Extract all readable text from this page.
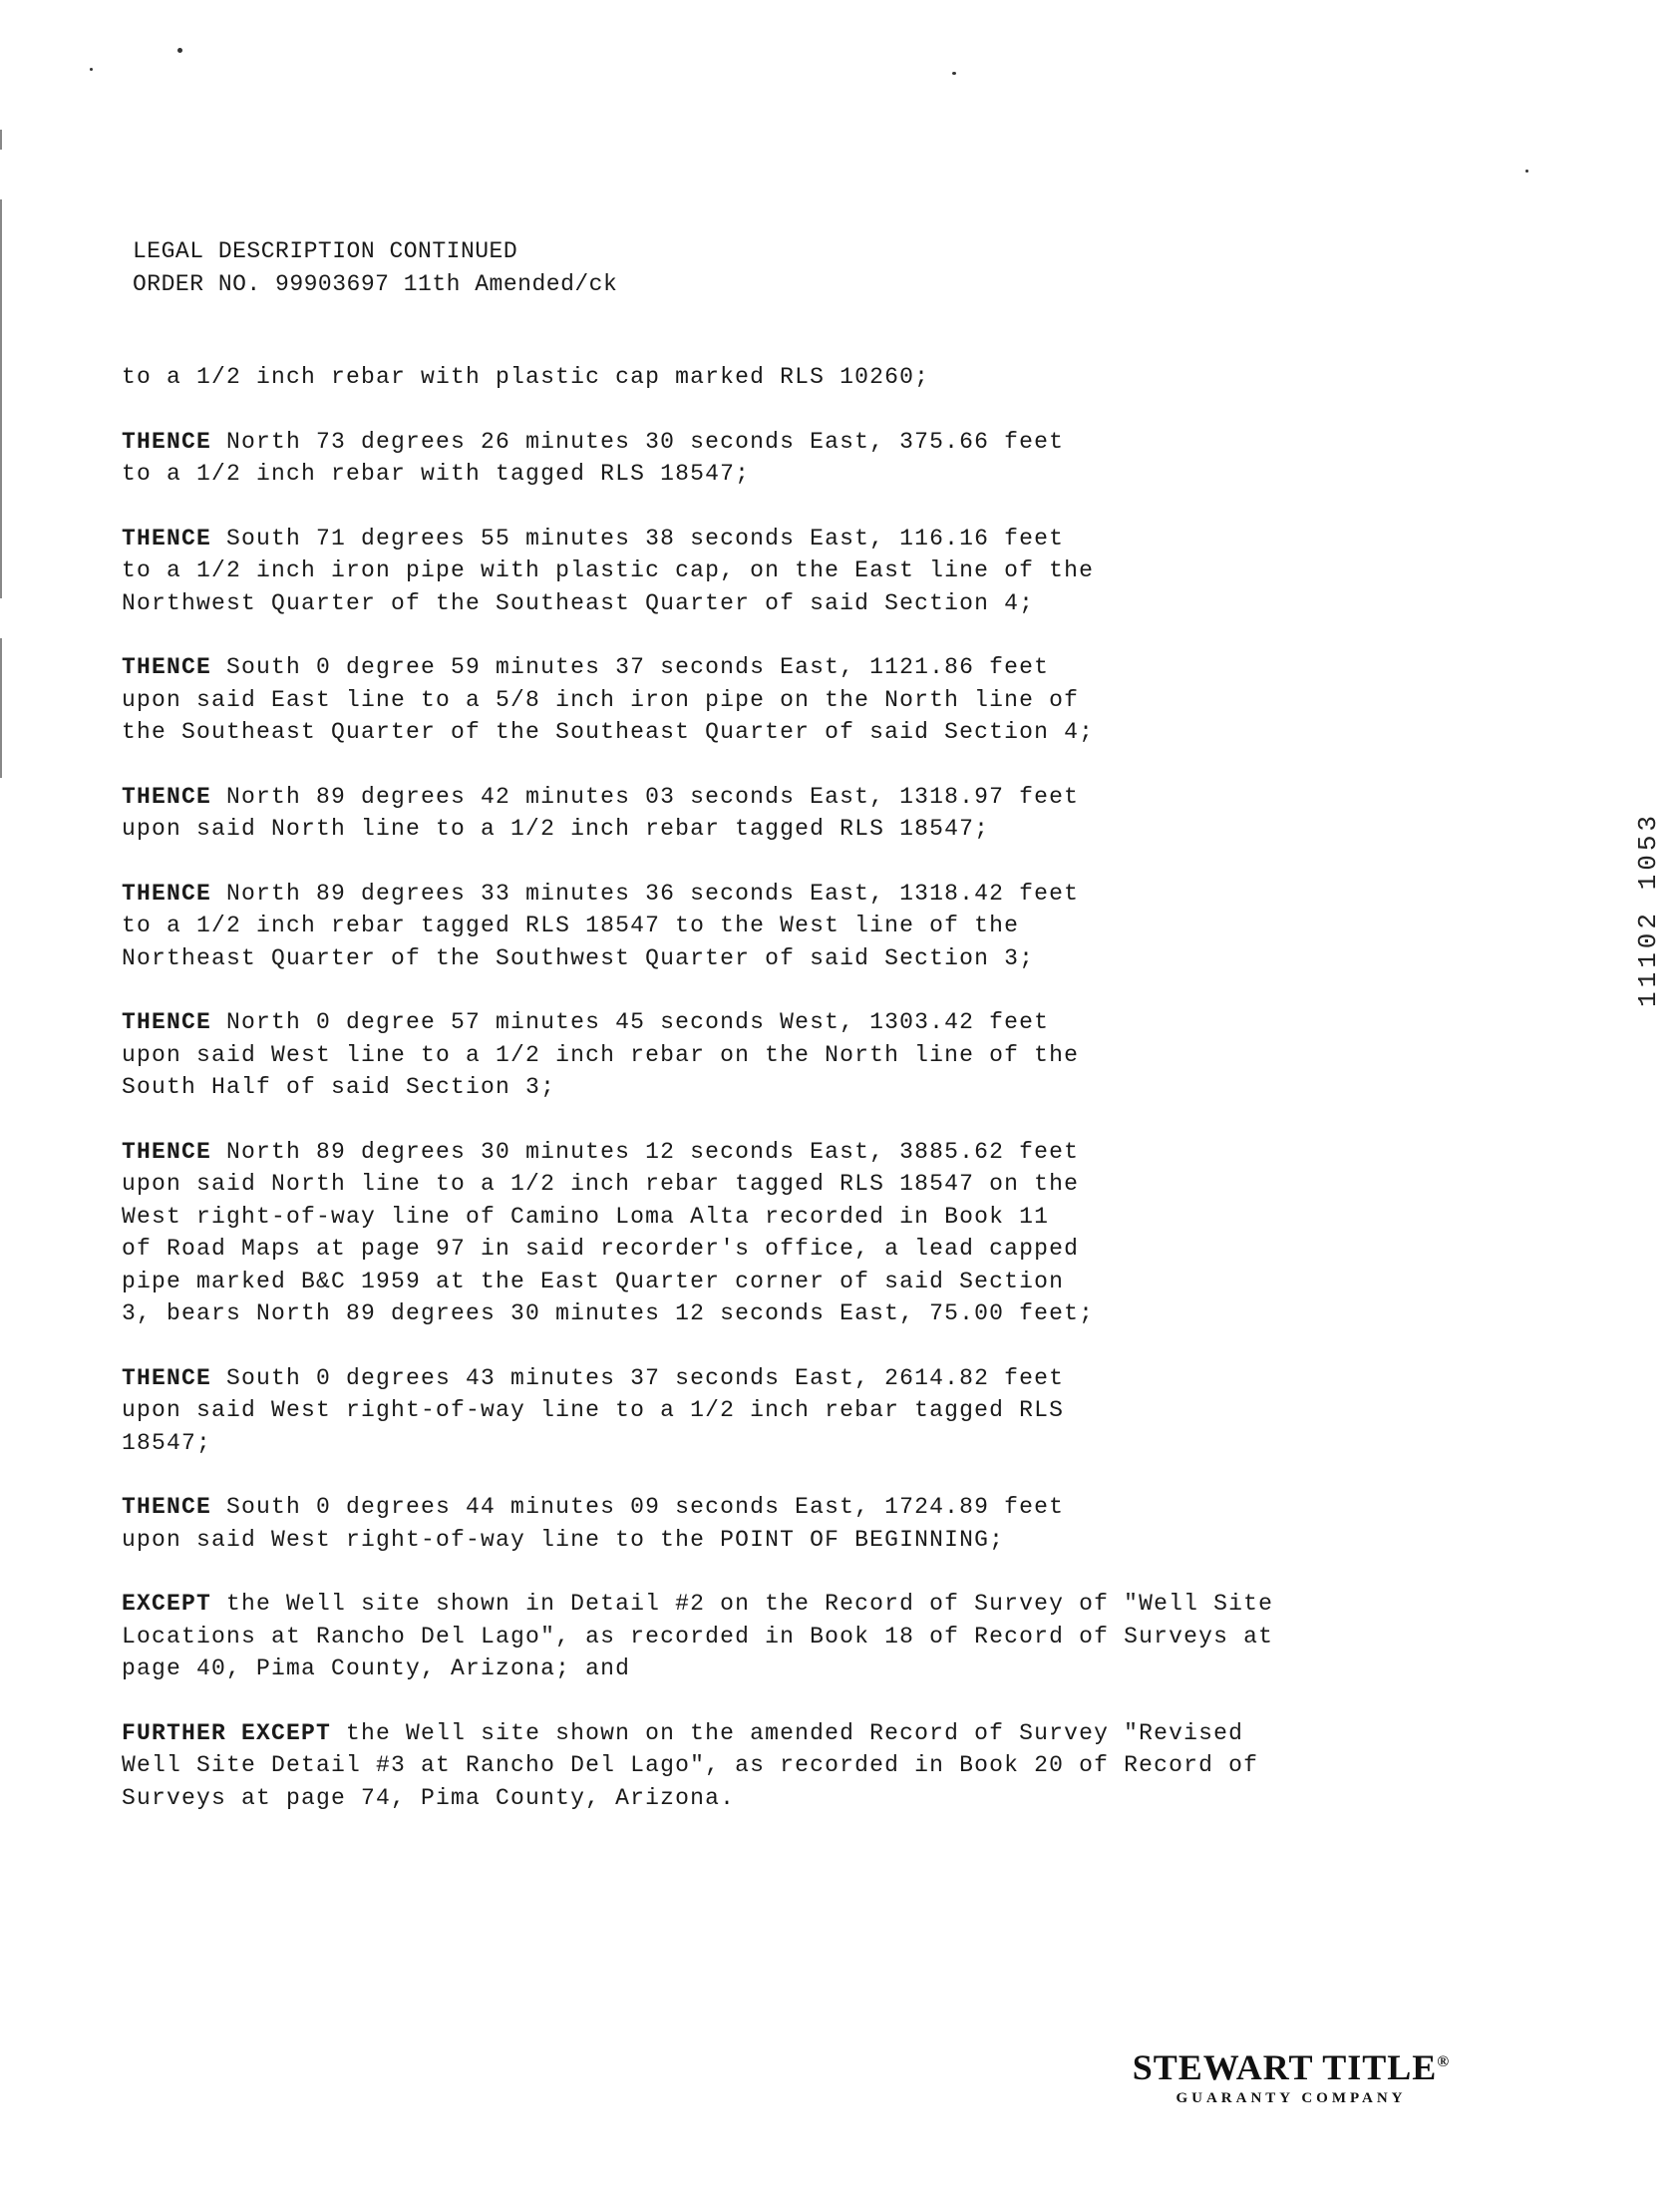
LEGAL DESCRIPTION CONTINUED
ORDER NO. 99903697 11th Amended/ck
to a 1/2 inch rebar with plastic cap marked RLS 10260;
THENCE North 73 degrees 26 minutes 30 seconds East, 375.66 feet
to a 1/2 inch rebar with tagged RLS 18547;
THENCE South 71 degrees 55 minutes 38 seconds East, 116.16 feet
to a 1/2 inch iron pipe with plastic cap, on the East line of the
Northwest Quarter of the Southeast Quarter of said Section 4;
THENCE South 0 degree 59 minutes 37 seconds East, 1121.86 feet
upon said East line to a 5/8 inch iron pipe on the North line of
the Southeast Quarter of the Southeast Quarter of said Section 4;
THENCE North 89 degrees 42 minutes 03 seconds East, 1318.97 feet
upon said North line to a 1/2 inch rebar tagged RLS 18547;
THENCE North 89 degrees 33 minutes 36 seconds East, 1318.42 feet
to a 1/2 inch rebar tagged RLS 18547 to the West line of the
Northeast Quarter of the Southwest Quarter of said Section 3;
THENCE North 0 degree 57 minutes 45 seconds West, 1303.42 feet
upon said West line to a 1/2 inch rebar on the North line of the
South Half of said Section 3;
THENCE North 89 degrees 30 minutes 12 seconds East, 3885.62 feet
upon said North line to a 1/2 inch rebar tagged RLS 18547 on the
West right-of-way line of Camino Loma Alta recorded in Book 11
of Road Maps at page 97 in said recorder's office, a lead capped
pipe marked B&C 1959 at the East Quarter corner of said Section
3, bears North 89 degrees 30 minutes 12 seconds East, 75.00 feet;
THENCE South 0 degrees 43 minutes 37 seconds East, 2614.82 feet
upon said West right-of-way line to a 1/2 inch rebar tagged RLS
18547;
THENCE South 0 degrees 44 minutes 09 seconds East, 1724.89 feet
upon said West right-of-way line to the POINT OF BEGINNING;
EXCEPT the Well site shown in Detail #2 on the Record of Survey of "Well Site
Locations at Rancho Del Lago", as recorded in Book 18 of Record of Surveys at
page 40, Pima County, Arizona; and
FURTHER EXCEPT the Well site shown on the amended Record of Survey "Revised
Well Site Detail #3 at Rancho Del Lago", as recorded in Book 20 of Record of
Surveys at page 74, Pima County, Arizona.
11102 1053
STEWART TITLE®
GUARANTY COMPANY
